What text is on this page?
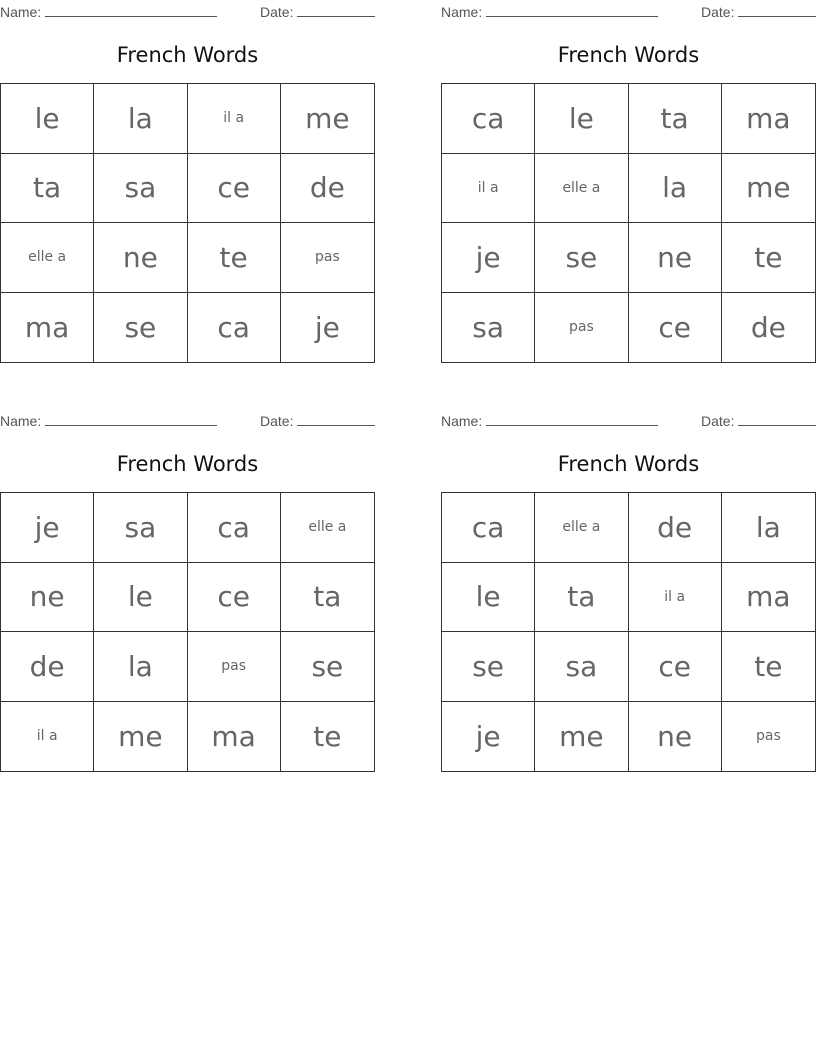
Name:	Date:
French Words
le	la	il a	me
ta	sa	ce	de
elle a	ne	te	pas
ma	se	ca	je
Name:	Date:
French Words
ca	le	ta	ma
il a	elle a	la	me
je	se	ne	te
sa	pas	ce	de
Name:	Date:
French Words
je	sa	ca	elle a
ne	le	ce	ta
de	la	pas	se
il a	me	ma	te
Name:	Date:
French Words
ca	elle a	de	la
le	ta	il a	ma
se	sa	ce	te
je	me	ne	pas
